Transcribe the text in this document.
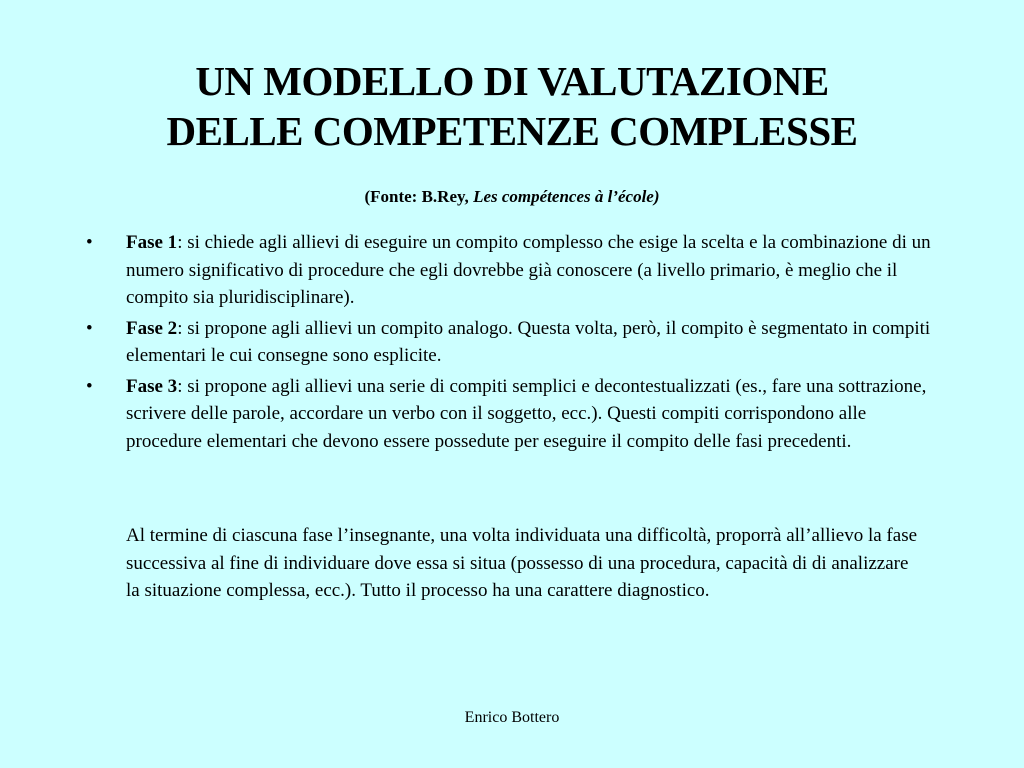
UN MODELLO DI VALUTAZIONE
DELLE COMPETENZE COMPLESSE
(Fonte: B.Rey, Les compétences à l’école)
• Fase 1: si chiede agli allievi di eseguire un compito complesso che esige la scelta e la combinazione di un numero significativo di procedure che egli dovrebbe già conoscere (a livello primario, è meglio che il compito sia pluridisciplinare).
• Fase 2: si propone agli allievi un compito analogo. Questa volta, però, il compito è segmentato in compiti elementari le cui consegne sono esplicite.
• Fase 3: si propone agli allievi una serie di compiti semplici e decontestualizzati (es., fare una sottrazione, scrivere delle parole, accordare un verbo con il soggetto, ecc.). Questi compiti corrispondono alle procedure elementari che devono essere possedute per eseguire il compito delle fasi precedenti.

Al termine di ciascuna fase l’insegnante, una volta individuata una difficoltà, proporrà all’allievo la fase successiva al fine di individuare dove essa si situa (possesso di una procedura, capacità di di analizzare la situazione complessa, ecc.). Tutto il processo ha una carattere diagnostico.

Enrico Bottero
